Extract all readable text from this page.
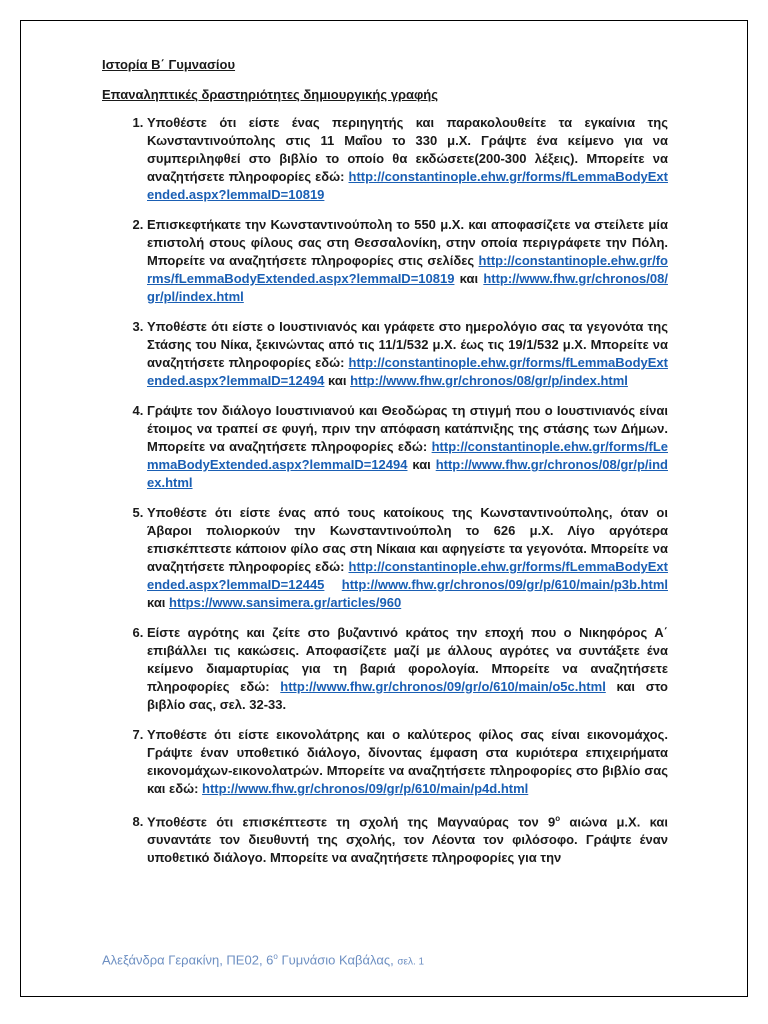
Ιστορία Β΄ Γυμνασίου
Επαναληπτικές δραστηριότητες δημιουργικής γραφής
1. Υποθέστε ότι είστε ένας περιηγητής και παρακολουθείτε τα εγκαίνια της Κωνσταντινούπολης στις 11 Μαΐου το 330 μ.Χ. Γράψτε ένα κείμενο για να συμπεριληφθεί στο βιβλίο το οποίο θα εκδώσετε(200-300 λέξεις). Μπορείτε να αναζητήσετε πληροφορίες εδώ: http://constantinople.ehw.gr/forms/fLemmaBodyExtended.aspx?lemmaID=10819
2. Επισκεφτήκατε την Κωνσταντινούπολη το 550 μ.Χ. και αποφασίζετε να στείλετε μία επιστολή στους φίλους σας στη Θεσσαλονίκη, στην οποία περιγράφετε την Πόλη. Μπορείτε να αναζητήσετε πληροφορίες στις σελίδες http://constantinople.ehw.gr/forms/fLemmaBodyExtended.aspx?lemmaID=10819 και http://www.fhw.gr/chronos/08/gr/pl/index.html
3. Υποθέστε ότι είστε ο Ιουστινιανός και γράφετε στο ημερολόγιο σας τα γεγονότα της Στάσης του Νίκα, ξεκινώντας από τις 11/1/532 μ.Χ. έως τις 19/1/532 μ.Χ. Μπορείτε να αναζητήσετε πληροφορίες εδώ: http://constantinople.ehw.gr/forms/fLemmaBodyExtended.aspx?lemmaID=12494 και http://www.fhw.gr/chronos/08/gr/p/index.html
4. Γράψτε τον διάλογο Ιουστινιανού και Θεοδώρας τη στιγμή που ο Ιουστινιανός είναι έτοιμος να τραπεί σε φυγή, πριν την απόφαση κατάπνιξης της στάσης των Δήμων. Μπορείτε να αναζητήσετε πληροφορίες εδώ: http://constantinople.ehw.gr/forms/fLemmaBodyExtended.aspx?lemmaID=12494 και http://www.fhw.gr/chronos/08/gr/p/index.html
5. Υποθέστε ότι είστε ένας από τους κατοίκους της Κωνσταντινούπολης, όταν οι Άβαροι πολιορκούν την Κωνσταντινούπολη το 626 μ.Χ. Λίγο αργότερα επισκέπτεστε κάποιον φίλο σας στη Νίκαια και αφηγείστε τα γεγονότα. Μπορείτε να αναζητήσετε πληροφορίες εδώ: http://constantinople.ehw.gr/forms/fLemmaBodyExtended.aspx?lemmaID=12445 http://www.fhw.gr/chronos/09/gr/p/610/main/p3b.html και https://www.sansimera.gr/articles/960
6. Είστε αγρότης και ζείτε στο βυζαντινό κράτος την εποχή που ο Νικηφόρος Α΄ επιβάλλει τις κακώσεις. Αποφασίζετε μαζί με άλλους αγρότες να συντάξετε ένα κείμενο διαμαρτυρίας για τη βαριά φορολογία. Μπορείτε να αναζητήσετε πληροφορίες εδώ: http://www.fhw.gr/chronos/09/gr/o/610/main/o5c.html και στο βιβλίο σας, σελ. 32-33.
7. Υποθέστε ότι είστε εικονολάτρης και ο καλύτερος φίλος σας είναι εικονομάχος. Γράψτε έναν υποθετικό διάλογο, δίνοντας έμφαση στα κυριότερα επιχειρήματα εικονομάχων-εικονολατρών. Μπορείτε να αναζητήσετε πληροφορίες στο βιβλίο σας και εδώ: http://www.fhw.gr/chronos/09/gr/p/610/main/p4d.html
8. Υποθέστε ότι επισκέπτεστε τη σχολή της Μαγναύρας τον $9^o$ αιώνα μ.Χ. και συναντάτε τον διευθυντή της σχολής, τον Λέοντα τον φιλόσοφο. Γράψτε έναν υποθετικό διάλογο. Μπορείτε να αναζητήσετε πληροφορίες για την
Αλεξάνδρα Γερακίνη, ΠΕ02, $6^o$ Γυμνάσιο Καβάλας, σελ. 1
